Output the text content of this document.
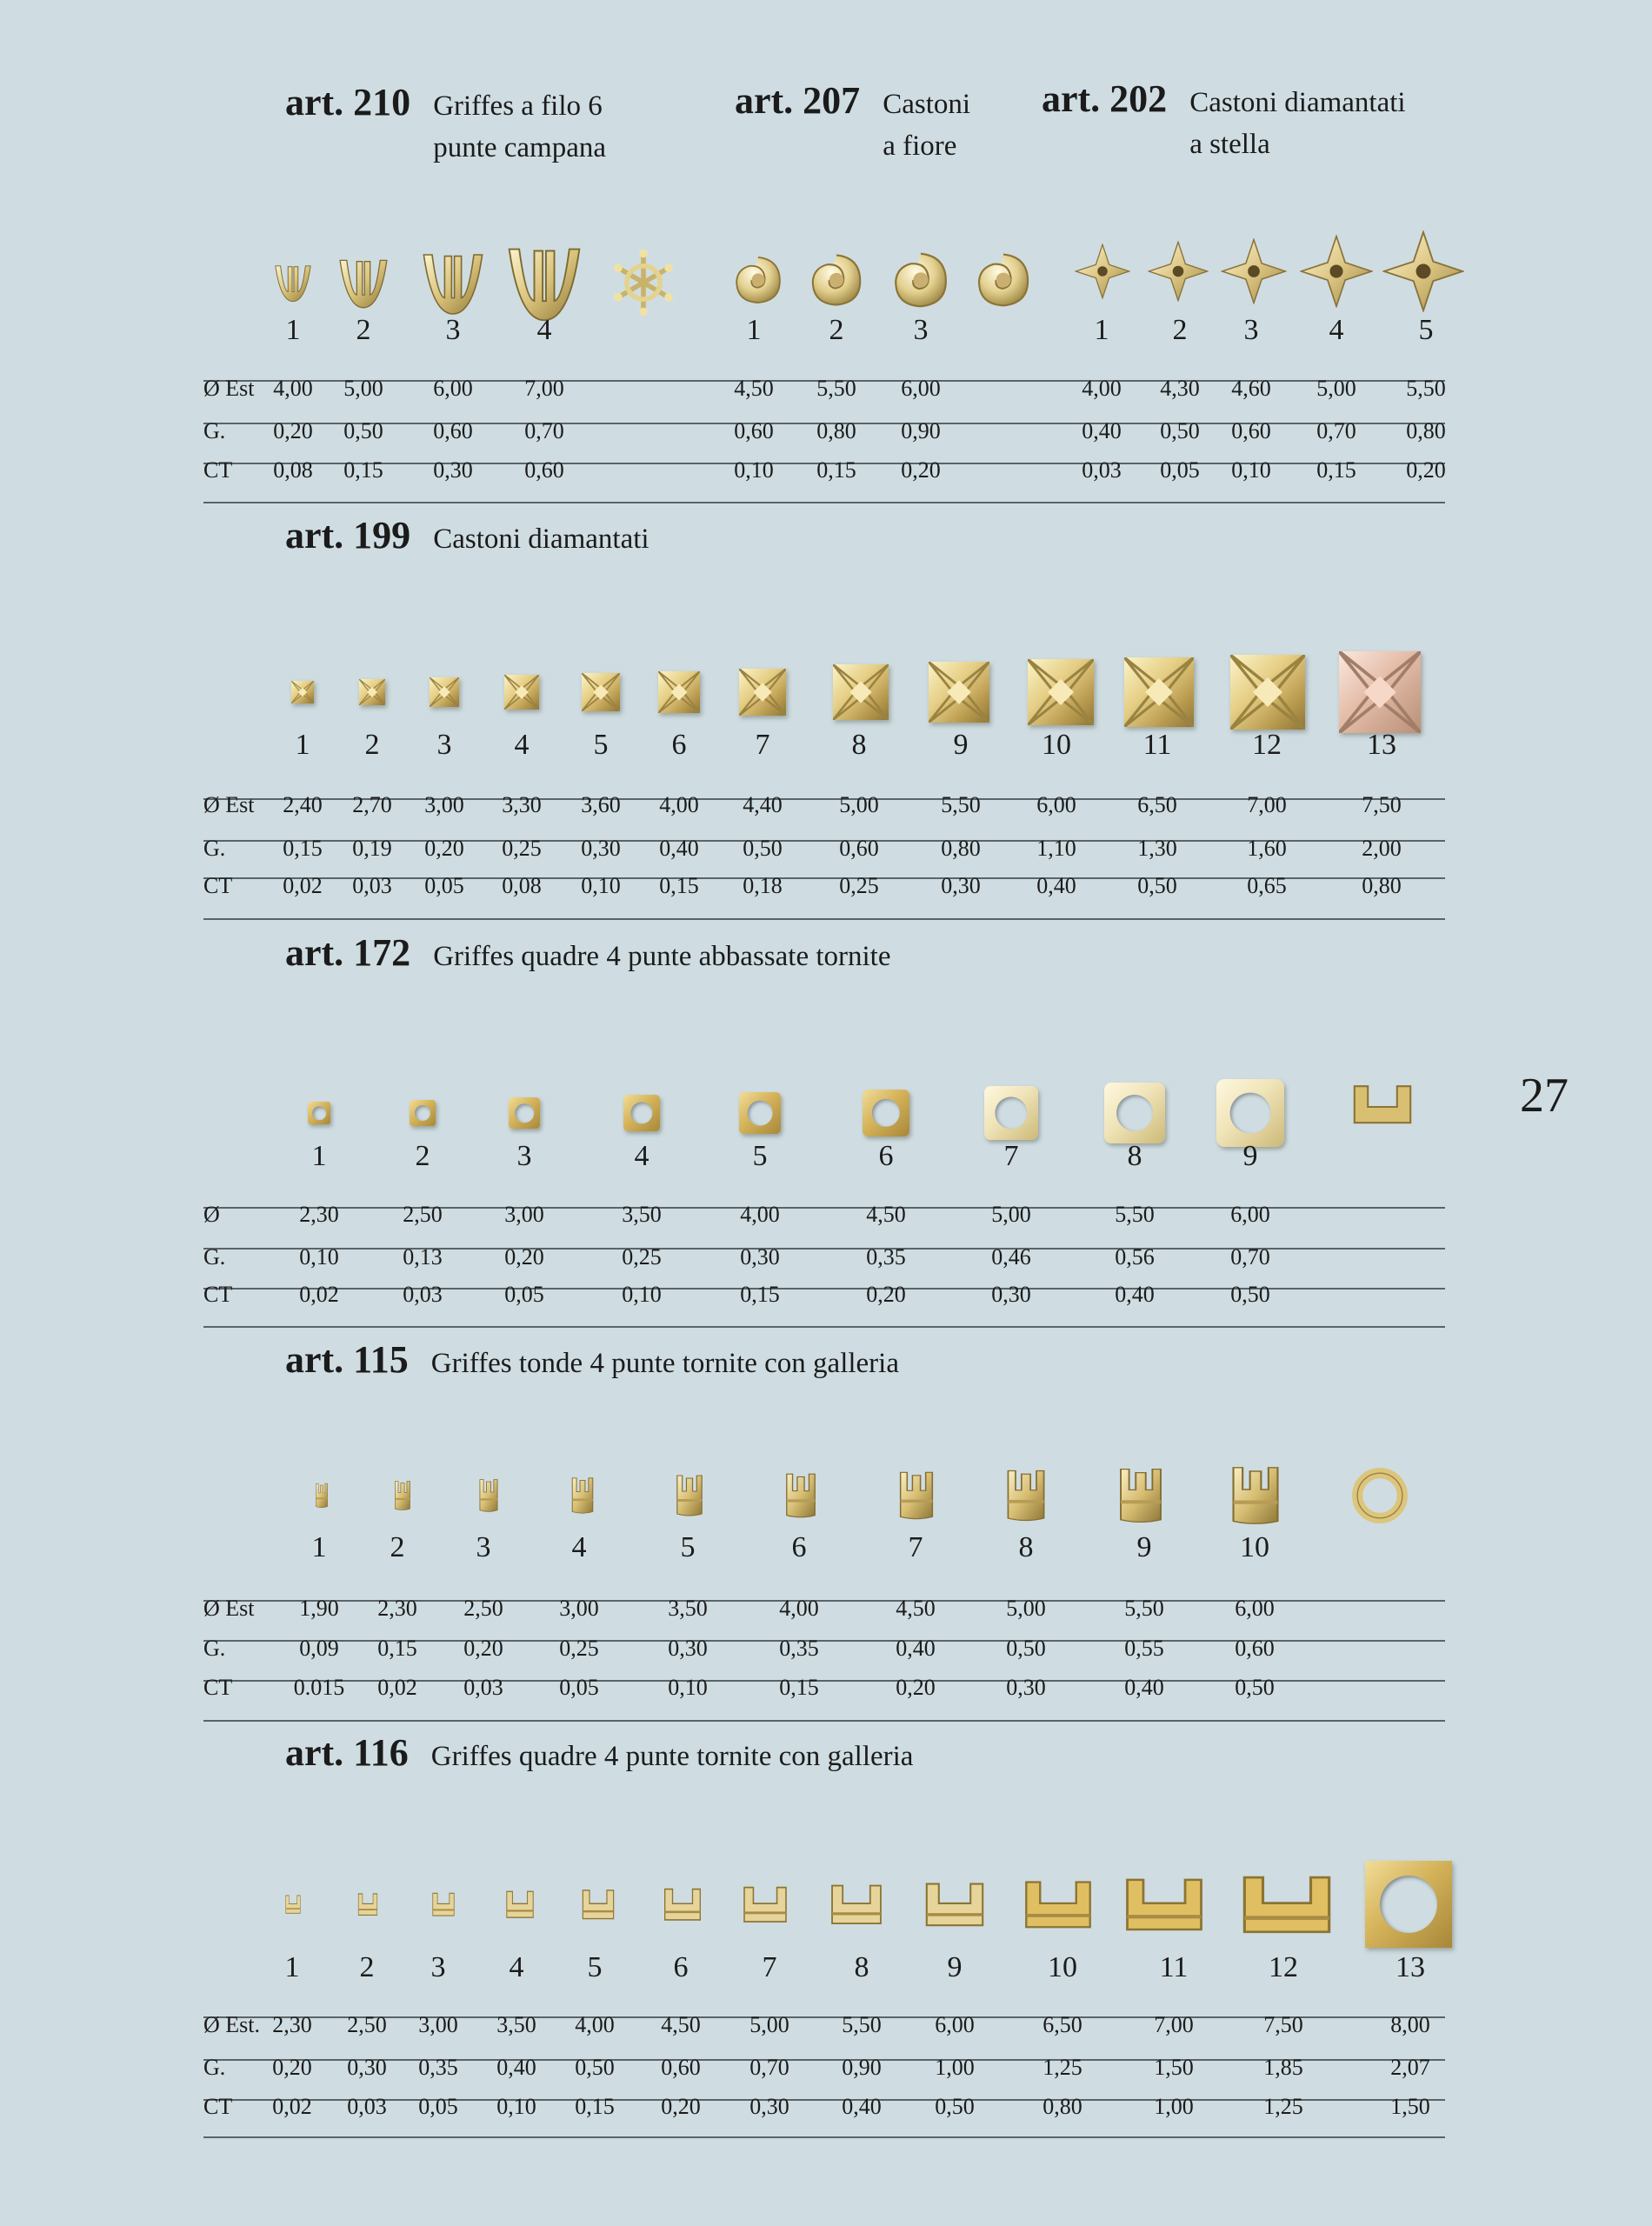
27
art. 210 Griffes a filo 6
punte campana
art. 207 Castoni
a fiore
art. 202 Castoni diamantati
a stella
art. 199 Castoni diamantati
art. 172 Griffes quadre 4 punte abbassate tornite
art. 115 Griffes tonde 4 punte tornite con galleria
art. 116 Griffes quadre 4 punte tornite con galleria
1 2	3	4
Ø Est 4,00 5,00 6,00 7,00
G. 0,20 0,50 0,60 0,70
CT 0,08 0,15 0,30 0,60
1 2 3
4,50 5,50 6,00
0,60 0,80 0,90
0,10 0,15 0,20
1 2 3 4	5
4,00 4,30 4,60 5,00 5,50
0,40 0,50 0,60 0,70 0,80
0,03 0,05 0,10 0,15 0,20
1 2 3 4 5 6 7	8	9 10 11	12	13
Ø Est 2,40 2,70 3,00 3,30 3,60 4,00 4,40	5,00	5,50 6,00	6,50	7,00	7,50
G.	0,15 0,19 0,20 0,25 0,30 0,40 0,50	0,60	0,80 1,10	1,30	1,60	2,00
CT 0,02 0,03 0,05 0,08 0,10 0,15 0,18	0,25	0,30 0,40	0,50	0,65	0,80
1	2	3	4	5	6	7	8	9
Ø	2,30	2,50	3,00	3,50	4,00	4,50	5,00	5,50	6,00
G.	0,10	0,13	0,20	0,25	0,30	0,35	0,46	0,56	0,70
CT	0,02	0,03	0,05	0,10	0,15	0,20	0,30	0,40	0,50
1 2 3	4	5	6	7	8	9	10
Ø Est 1,90 2,30 2,50 3,00	3,50	4,00	4,50	5,00	5,50	6,00
G.	0,09 0,15 0,20 0,25	0,30	0,35	0,40	0,50	0,55	0,60
CT	0.015 0,02 0,03 0,05	0,10	0,15	0,20	0,30	0,40	0,50
1 2 3 4 5 6	7	8	9	10	11	12	13
Ø Est. 2,30 2,50 3,00 3,50 4,00 4,50 5,00 5,50 6,00	6,50	7,00	7,50	8,00
G. 0,20 0,30 0,35 0,40 0,50 0,60 0,70 0,90 1,00	1,25	1,50	1,85	2,07
CT 0,02 0,03 0,05 0,10 0,15 0,20 0,30 0,40 0,50	0,80	1,00	1,25	1,50
